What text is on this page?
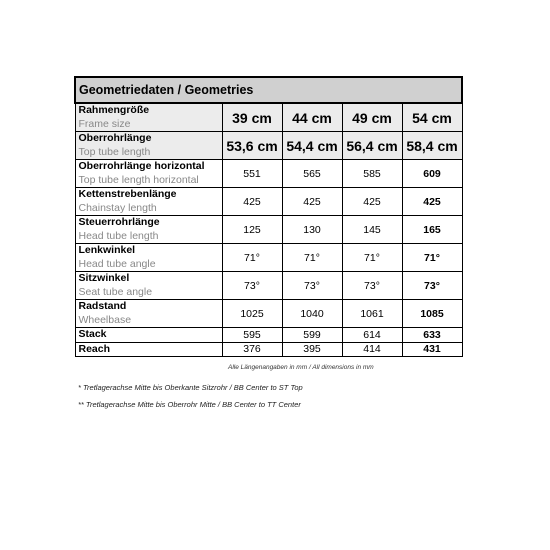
Geometriedaten / Geometries				

Rahmengröße
Frame size	39 cm	44 cm	49 cm	54 cm

Oberrohrlänge
Top tube length	53,6 cm	54,4 cm	56,4 cm	58,4 cm

Oberrohrlänge horizontal
Top tube length horizontal	551	565	585	609

Kettenstrebenlänge
Chainstay length	425	425	425	425

Steuerrohrlänge
Head tube length	125	130	145	165

Lenkwinkel
Head tube angle	71°	71°	71°	71°

Sitzwinkel
Seat tube angle	73°	73°	73°	73°

Radstand
Wheelbase	1025	1040	1061	1085
Stack	595	599	614	633
Reach	376	395	414	431
Alle Längenangaben in mm / All dimensions in mm
* Tretlagerachse Mitte bis Oberkante Sitzrohr / BB Center to ST Top
** Tretlagerachse Mitte bis Oberrohr Mitte / BB Center to TT Center
